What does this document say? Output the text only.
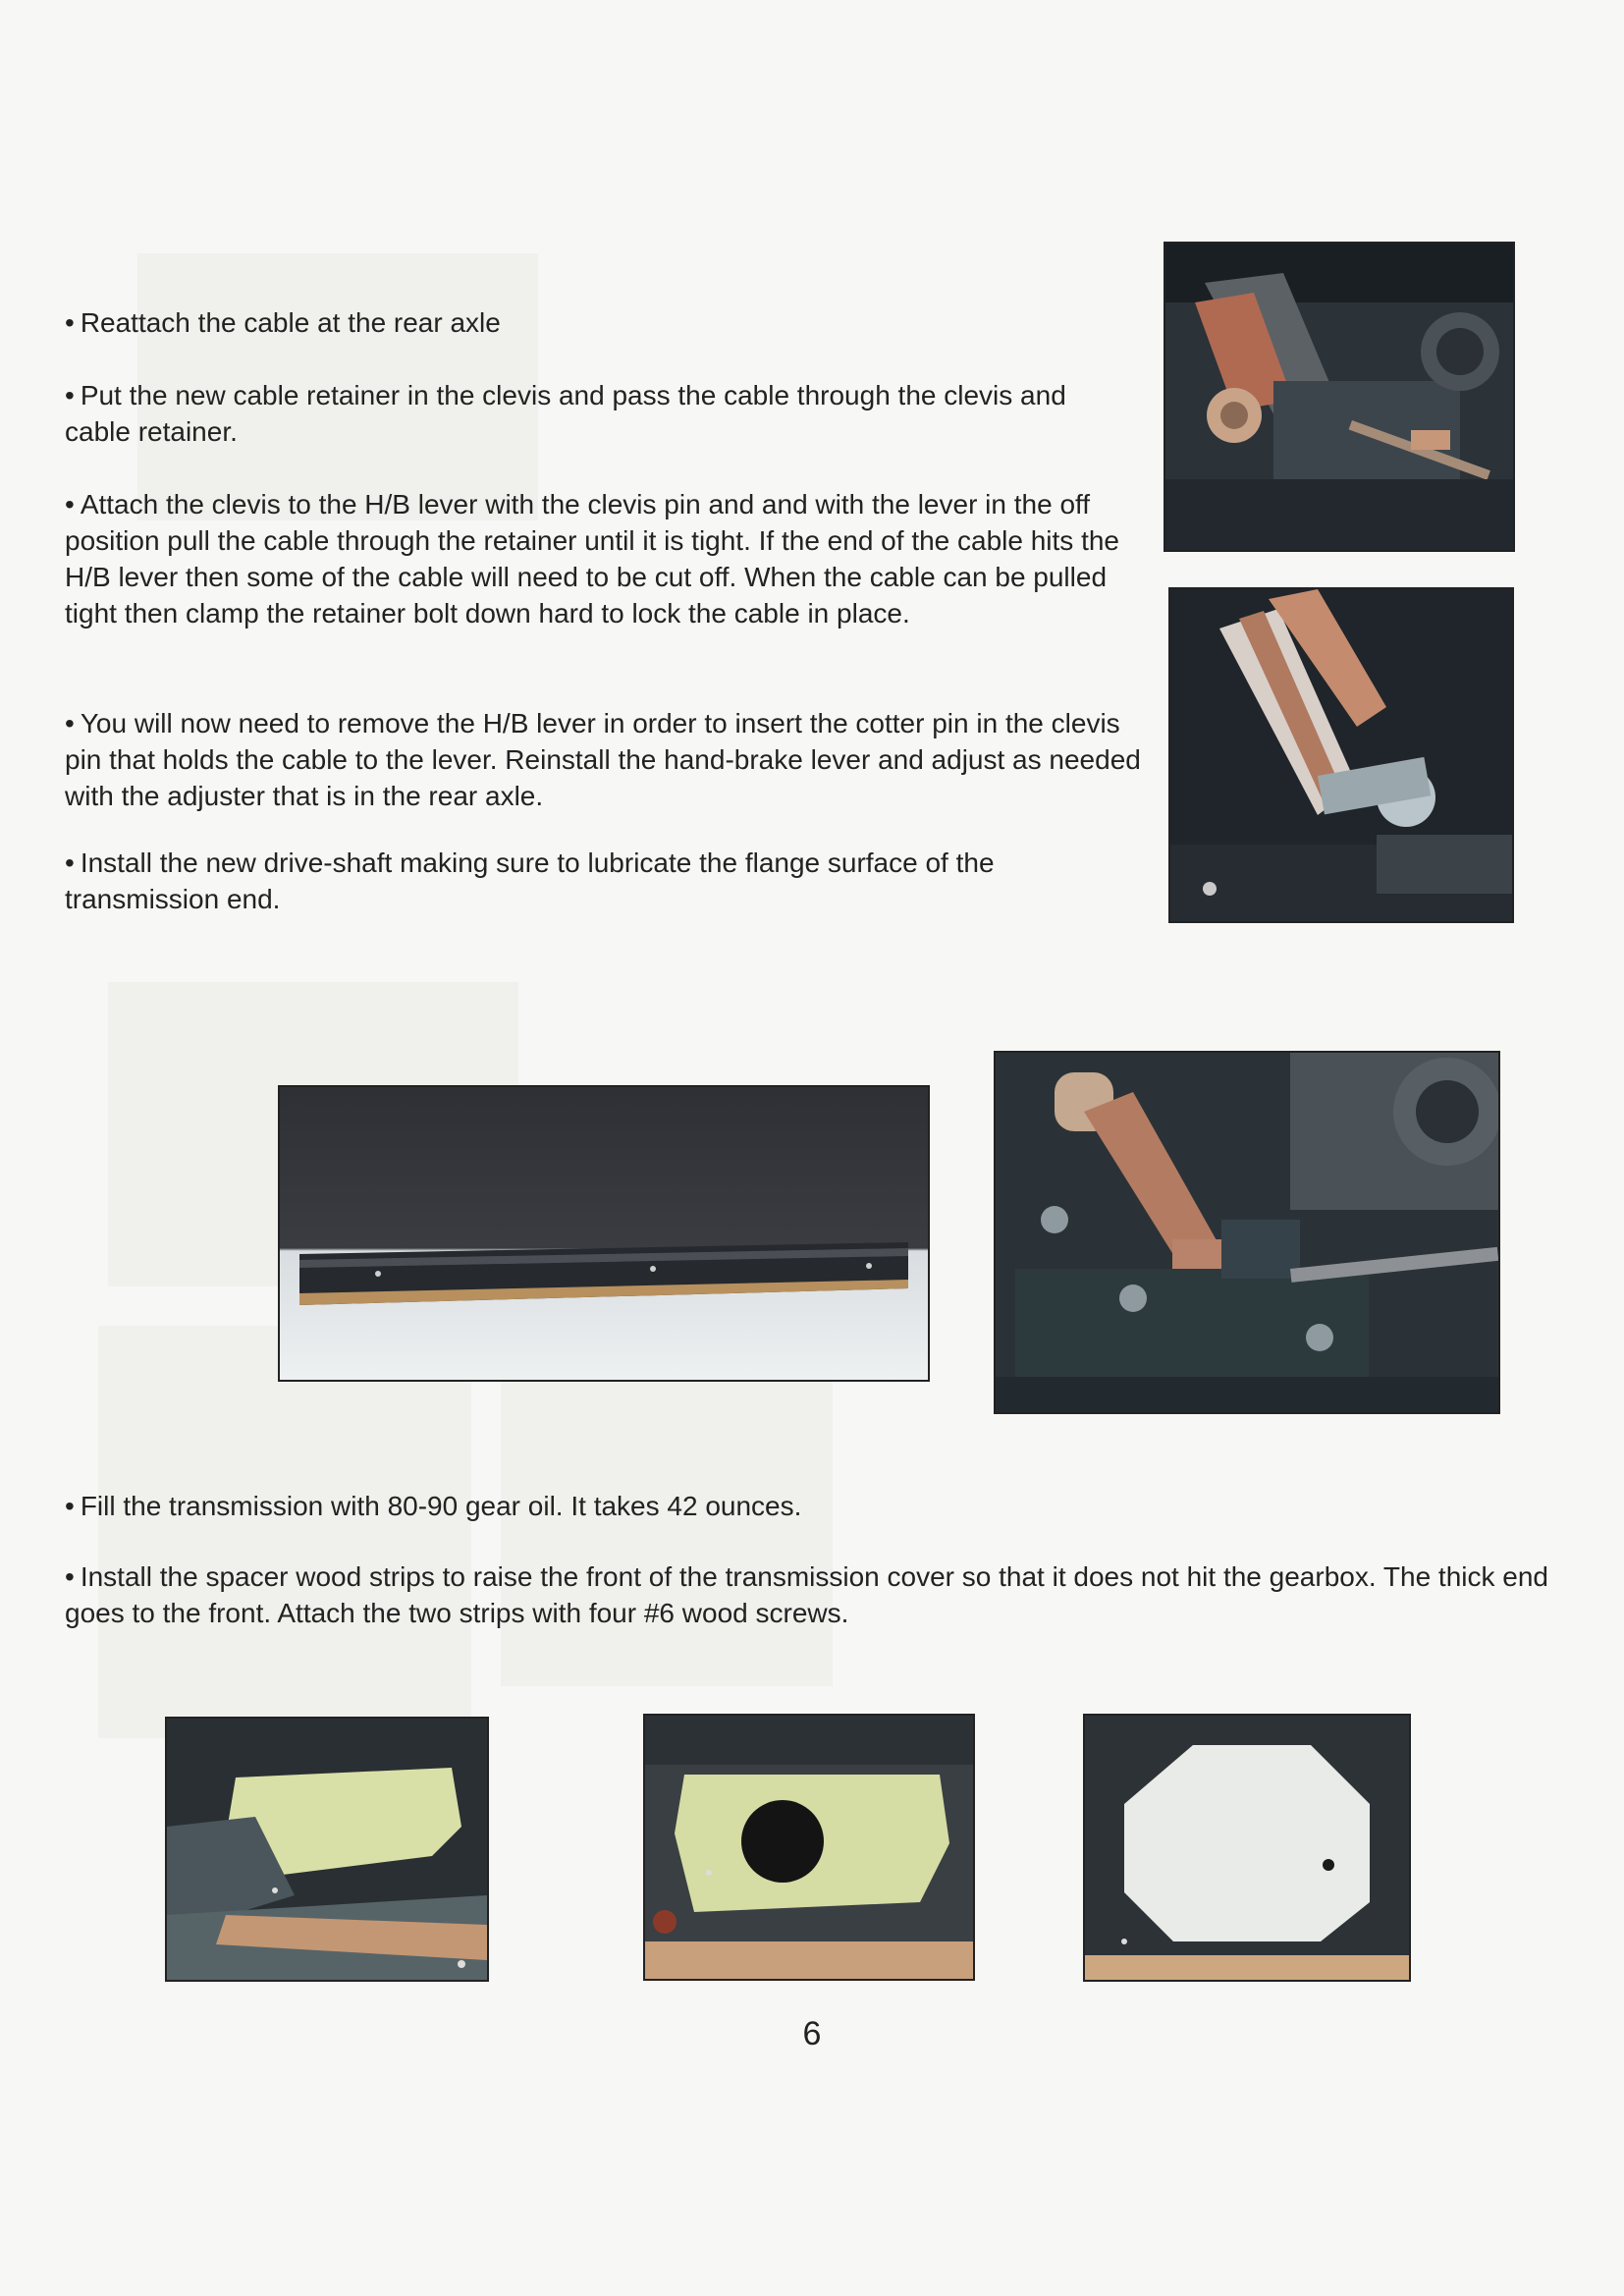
• Reattach the cable at the rear axle

• Put the new cable retainer in the clevis and pass the cable through the clevis and cable retainer.

• Attach the clevis to the H/B lever with the clevis pin and and with the lever in the off position pull the cable through the retainer until it is tight. If the end of the cable hits the H/B lever then some of the cable will need to be cut off. When the cable can be pulled tight then clamp the retainer bolt down hard to lock the cable in place.

• You will now need to remove the H/B lever in order to insert the cotter pin in the clevis pin that holds the cable to the lever. Reinstall the hand-brake lever and adjust as needed with the adjuster that is in the rear axle.

• Install the new drive-shaft making sure to lubricate the flange surface of the transmission end.

• Fill the transmission with 80-90 gear oil. It takes 42 ounces.

• Install the spacer wood strips to raise the front of the transmission cover so that it does not hit the gearbox. The thick end goes to the front. Attach the two strips with four #6 wood screws.

6
